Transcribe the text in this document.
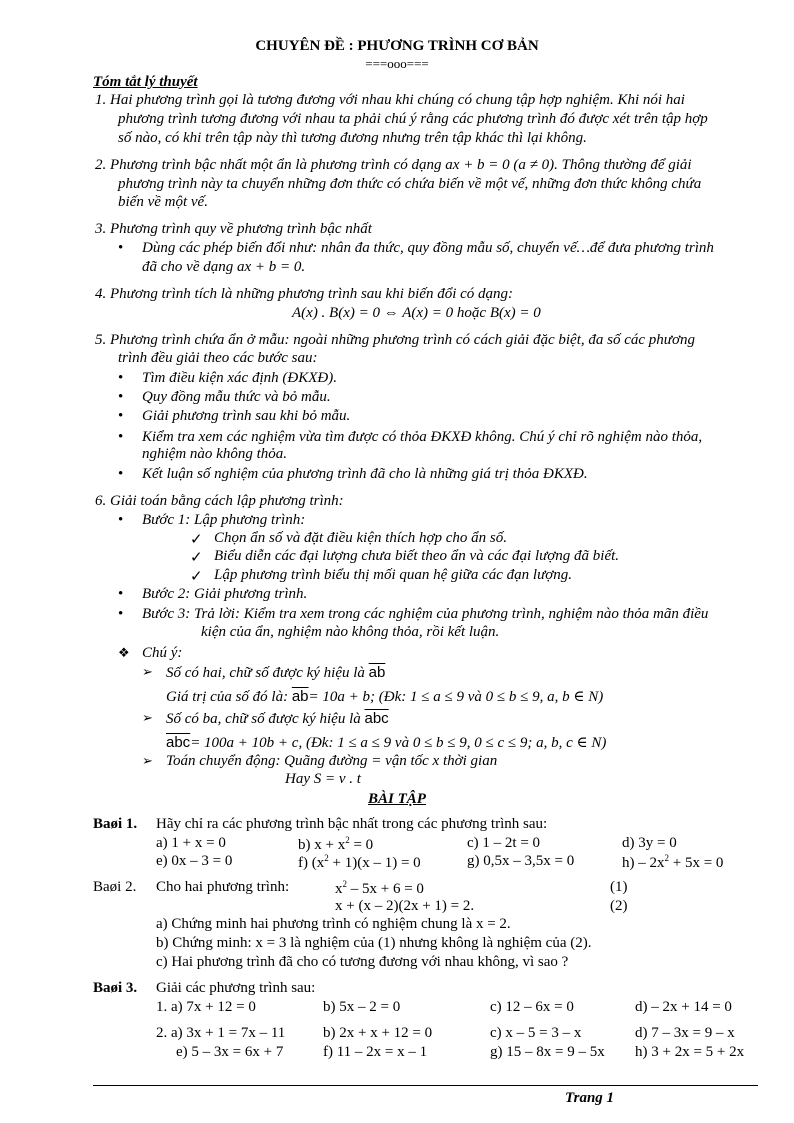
CHUYÊN ĐỀ : PHƯƠNG TRÌNH CƠ BẢN
===ooo===
Tóm tắt lý thuyết
1. Hai phương trình gọi là tương đương với nhau khi chúng có chung tập hợp nghiệm. Khi nói hai
phương trình tương đương với nhau ta phải chú ý rằng các phương trình đó được xét trên tập hợp
số nào, có khi trên tập này thì tương đương nhưng trên tập khác thì lại không.
2. Phương trình bậc nhất một ẩn là phương trình có dạng ax + b = 0 (a ≠ 0). Thông thường để giải
phương trình này ta chuyển những đơn thức có chứa biến về một vế, những đơn thức không chứa
biến về một vế.
3. Phương trình quy về phương trình bậc nhất
• Dùng các phép biến đổi như: nhân đa thức, quy đồng mẫu số, chuyển vế…để đưa phương trình
đã cho về dạng ax + b = 0.
4. Phương trình tích là những phương trình sau khi biến đổi có dạng:
A(x) . B(x) = 0 ⇔ A(x) = 0 hoặc B(x) = 0
5. Phương trình chứa ẩn ở mẫu: ngoài những phương trình có cách giải đặc biệt, đa số các phương
trình đều giải theo các bước sau:
• Tìm điều kiện xác định (ĐKXĐ).
• Quy đồng mẫu thức và bỏ mẫu.
• Giải phương trình sau khi bỏ mẫu.
• Kiểm tra xem các nghiệm vừa tìm được có thỏa ĐKXĐ không. Chú ý chỉ rõ nghiệm nào thỏa,
nghiệm nào không thỏa.
• Kết luận số nghiệm của phương trình đã cho là những giá trị thỏa ĐKXĐ.
6. Giải toán bằng cách lập phương trình:
• Bước 1: Lập phương trình:
✓ Chọn ẩn số và đặt điều kiện thích hợp cho ẩn số.
✓ Biểu diễn các đại lượng chưa biết theo ẩn và các đại lượng đã biết.
✓ Lập phương trình biểu thị mối quan hệ giữa các đạn lượng.
• Bước 2: Giải phương trình.
• Bước 3: Trả lời: Kiểm tra xem trong các nghiệm của phương trình, nghiệm nào thỏa mãn điều
kiện của ẩn, nghiệm nào không thỏa, rồi kết luận.
❖ Chú ý:
➢ Số có hai, chữ số được ký hiệu là $\overline{ab}$
Giá trị của số đó là: $\overline{ab}= 10a + b$; (Đk: 1 ≤ a ≤ 9 và 0 ≤ b ≤ 9, a, b ∈ N)
➢ Số có ba, chữ số được ký hiệu là $\overline{abc}$
$\overline{abc}= 100a + 10b + c$, (Đk: 1 ≤ a ≤ 9 và 0 ≤ b ≤ 9, 0 ≤ c ≤ 9; a, b, c ∈ N)
➢ Toán chuyển động: Quãng đường = vận tốc x thời gian
Hay S = v . t
BÀI TẬP
Baøi 1. Hãy chỉ ra các phương trình bậc nhất trong các phương trình sau:
a) 1 + x = 0	b) $x + x^2 = 0$	c) 1 – 2t = 0	d) 3y = 0
e) 0x – 3 = 0	f) $(x^2 + 1)(x - 1) = 0$	g) 0,5x – 3,5x = 0	$h) - 2x^2 + 5x = 0$
Baøi 2. Cho hai phương trình:	$x^2 - 5x + 6 = 0$	(1)
x + (x – 2)(2x + 1) = 2.	(2)
a) Chứng minh hai phương trình có nghiệm chung là x = 2.
b) Chứng minh: x = 3 là nghiệm của (1) nhưng không là nghiệm của (2).
c) Hai phương trình đã cho có tương đương với nhau không, vì sao ?
Baøi 3. Giải các phương trình sau:
1. a) 7x + 12 = 0	b) 5x – 2 = 0	c) 12 – 6x = 0	d) – 2x + 14 = 0
2. a) 3x + 1 = 7x – 11	b) 2x + x + 12 = 0	c) x – 5 = 3 – x	d) 7 – 3x = 9 – x
e) 5 – 3x = 6x + 7	f) 11 – 2x = x – 1	g) 15 – 8x = 9 – 5x h) 3 + 2x = 5 + 2x
Trang 1
